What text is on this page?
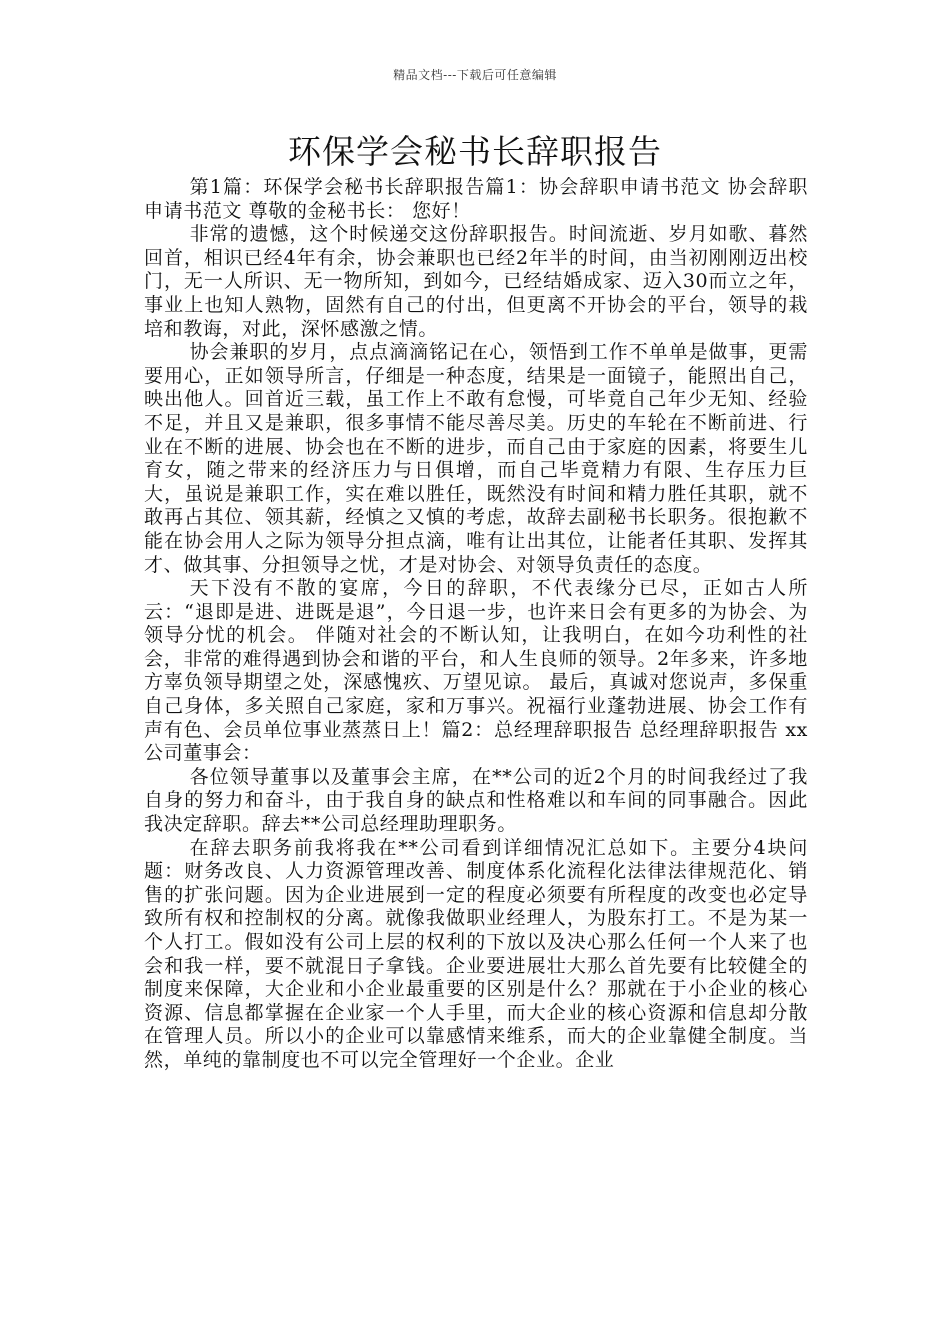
精品文档---下载后可任意编辑
环保学会秘书长辞职报告

第1篇：环保学会秘书长辞职报告篇1：协会辞职申请书范文 协会辞职申请书范文 尊敬的金秘书长： 您好！

非常的遗憾，这个时候递交这份辞职报告。时间流逝、岁月如歌、暮然回首，相识已经4年有余，协会兼职也已经2年半的时间，由当初刚刚迈出校门，无一人所识、无一物所知，到如今，已经结婚成家、迈入30而立之年，事业上也知人熟物，固然有自己的付出，但更离不开协会的平台，领导的栽培和教诲，对此，深怀感激之情。

协会兼职的岁月，点点滴滴铭记在心，领悟到工作不单单是做事，更需要用心，正如领导所言，仔细是一种态度，结果是一面镜子，能照出自己，映出他人。回首近三载，虽工作上不敢有怠慢，可毕竟自己年少无知、经验不足，并且又是兼职，很多事情不能尽善尽美。历史的车轮在不断前进、行业在不断的进展、协会也在不断的进步，而自己由于家庭的因素，将要生儿育女，随之带来的经济压力与日俱增，而自己毕竟精力有限、生存压力巨大，虽说是兼职工作，实在难以胜任，既然没有时间和精力胜任其职，就不敢再占其位、领其薪，经慎之又慎的考虑，故辞去副秘书长职务。很抱歉不能在协会用人之际为领导分担点滴，唯有让出其位，让能者任其职、发挥其才、做其事、分担领导之忧，才是对协会、对领导负责任的态度。

天下没有不散的宴席，今日的辞职，不代表缘分已尽，正如古人所云：“退即是进、进既是退”，今日退一步，也许来日会有更多的为协会、为领导分忧的机会。 伴随对社会的不断认知，让我明白，在如今功利性的社会，非常的难得遇到协会和谐的平台，和人生良师的领导。2年多来，许多地方辜负领导期望之处，深感愧疚、万望见谅。 最后，真诚对您说声，多保重自己身体，多关照自己家庭，家和万事兴。祝福行业蓬勃进展、协会工作有声有色、会员单位事业蒸蒸日上！篇2：总经理辞职报告 总经理辞职报告 xx公司董事会：

各位领导董事以及董事会主席，在**公司的近2个月的时间我经过了我自身的努力和奋斗，由于我自身的缺点和性格难以和车间的同事融合。因此我决定辞职。辞去**公司总经理助理职务。

在辞去职务前我将我在**公司看到详细情况汇总如下。主要分4块问题：财务改良、人力资源管理改善、制度体系化流程化法律法律规范化、销售的扩张问题。因为企业进展到一定的程度必须要有所程度的改变也必定导致所有权和控制权的分离。就像我做职业经理人，为股东打工。不是为某一个人打工。假如没有公司上层的权利的下放以及决心那么任何一个人来了也会和我一样，要不就混日子拿钱。企业要进展壮大那么首先要有比较健全的制度来保障，大企业和小企业最重要的区别是什么？那就在于小企业的核心资源、信息都掌握在企业家一个人手里，而大企业的核心资源和信息却分散在管理人员。所以小的企业可以靠感情来维系，而大的企业靠健全制度。当然，单纯的靠制度也不可以完全管理好一个企业。企业
